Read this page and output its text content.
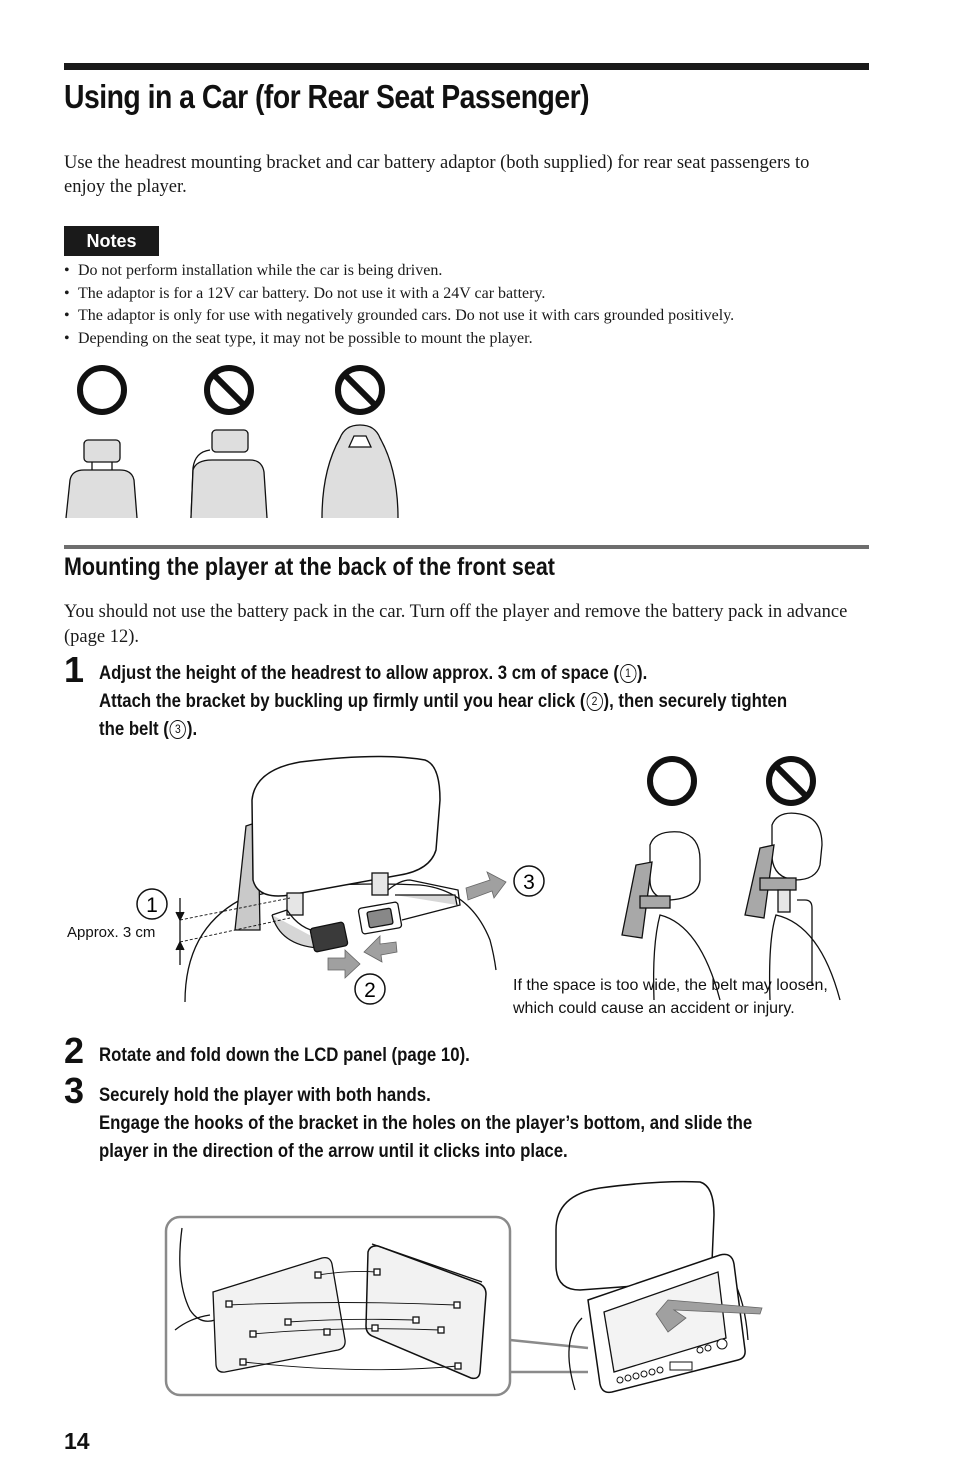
Using in a Car (for Rear Seat Passenger)
Use the headrest mounting bracket and car battery adaptor (both supplied) for rear seat passengers to enjoy the player.
Notes
• Do not perform installation while the car is being driven.
• The adaptor is for a 12V car battery. Do not use it with a 24V car battery.
• The adaptor is only for use with negatively grounded cars. Do not use it with cars grounded positively.
• Depending on the seat type, it may not be possible to mount the player.
Mounting the player at the back of the front seat
You should not use the battery pack in the car. Turn off the player and remove the battery pack in advance (page 12).
1 Adjust the height of the headrest to allow approx. 3 cm of space ( 1 ).
Attach the bracket by buckling up firmly until you hear click ( 2 ), then securely tighten
the belt ( 3 ).
1
2
3
Approx. 3 cm
If the space is too wide, the belt may loosen,
which could cause an accident or injury.
2 Rotate and fold down the LCD panel (page 10).
3 Securely hold the player with both hands.
Engage the hooks of the bracket in the holes on the player’s bottom, and slide the
player in the direction of the arrow until it clicks into place.
14
